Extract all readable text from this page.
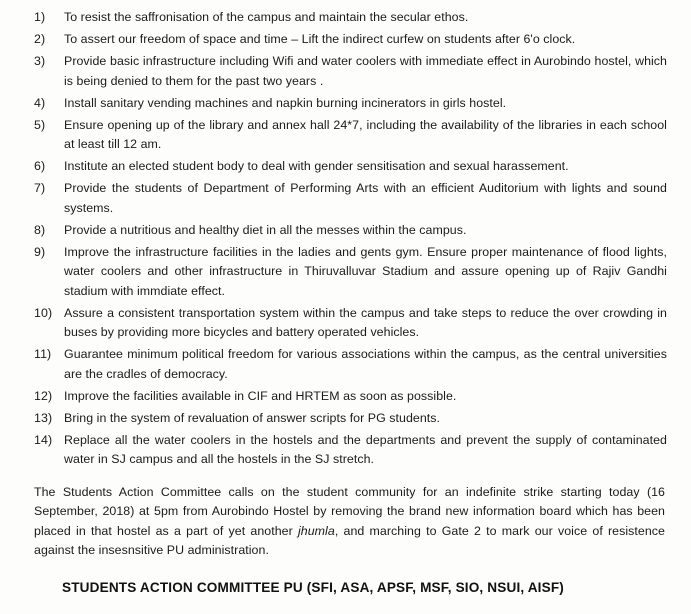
1)	To resist the saffronisation of the campus and maintain the secular ethos.
2)	To assert our freedom of space and time – Lift the indirect curfew on students after 6'o clock.
3)	Provide basic infrastructure including Wifi and water coolers with immediate effect in Aurobindo hostel, which is being denied to them for the past two years .
4)	Install sanitary vending machines and napkin burning incinerators in girls hostel.
5)	Ensure opening up of the library and annex hall 24*7, including the availability of the libraries in each school at least till 12 am.
6)	Institute an elected student body to deal with gender sensitisation and sexual harassement.
7)	Provide the students of Department of Performing Arts with an efficient Auditorium with lights and sound systems.
8)	Provide a nutritious and healthy diet in all the messes within the campus.
9)	Improve the infrastructure facilities in the ladies and gents gym. Ensure proper maintenance of flood lights, water coolers and other infrastructure in Thiruvalluvar Stadium and assure opening up of Rajiv Gandhi stadium with immdiate effect.
10) Assure a consistent transportation system within the campus and take steps to reduce the over crowding in buses by providing more bicycles and battery operated vehicles.
11)	Guarantee minimum political freedom for various associations within the campus, as the central universities are the cradles of democracy.
12) Improve the facilities available in CIF and HRTEM as soon as possible.
13) Bring in the system of revaluation of answer scripts for PG students.
14) Replace all the water coolers in the hostels and the departments and prevent the supply of contaminated water in SJ campus and all the hostels in the SJ stretch.

The Students Action Committee calls on the student community for an indefinite strike starting today (16 September, 2018) at 5pm from Aurobindo Hostel by removing the brand new information board which has been placed in that hostel as a part of yet another jhumla, and marching to Gate 2 to mark our voice of resistence against the insesnsitive PU administration.

STUDENTS ACTION COMMITTEE PU (SFI, ASA, APSF, MSF, SIO, NSUI, AISF)
